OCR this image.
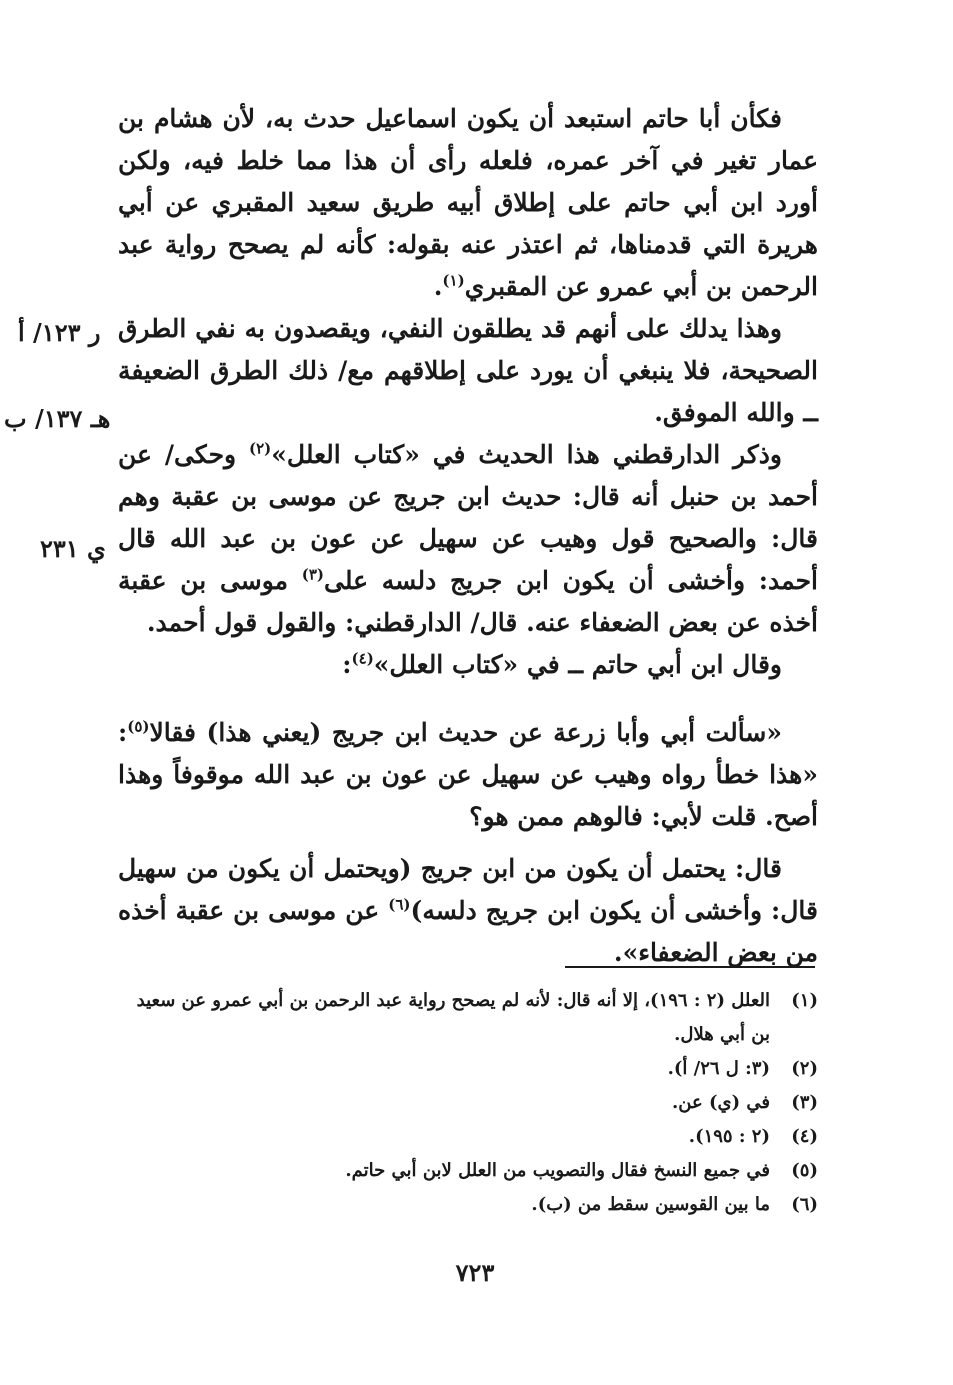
فكأن أبا حاتم استبعد أن يكون اسماعيل حدث به، لأن هشام بن عمار تغير في آخر عمره، فلعله رأى أن هذا مما خلط فيه، ولكن أورد ابن أبي حاتم على إطلاق أبيه طريق سعيد المقبري عن أبي هريرة التي قدمناها، ثم اعتذر عنه بقوله: كأنه لم يصحح رواية عبد الرحمن بن أبي عمرو عن المقبري$^{(١)}$.

وهذا يدلك على أنهم قد يطلقون النفي، ويقصدون به نفي الطرق الصحيحة، فلا ينبغي أن يورد على إطلاقهم مع/ ذلك الطرق الضعيفة ــ والله الموفق.

وذكر الدارقطني هذا الحديث في «كتاب العلل»$^{(٢)}$ وحكى/ عن أحمد بن حنبل أنه قال: حديث ابن جريج عن موسى بن عقبة وهم قال: والصحيح قول وهيب عن سهيل عن عون بن عبد الله قال أحمد: وأخشى أن يكون ابن جريج دلسه على$^{(٣)}$ موسى بن عقبة أخذه عن بعض الضعفاء عنه. قال/ الدارقطني: والقول قول أحمد.

وقال ابن أبي حاتم ــ في «كتاب العلل»$^{(٤)}$:

«سألت أبي وأبا زرعة عن حديث ابن جريج (يعني هذا) فقالا$^{(٥)}$: «هذا خطأ رواه وهيب عن سهيل عن عون بن عبد الله موقوفاً وهذا أصح. قلت لأبي: فالوهم ممن هو؟

قال: يحتمل أن يكون من ابن جريج (ويحتمل أن يكون من سهيل قال: وأخشى أن يكون ابن جريج دلسه)$^{(٦)}$ عن موسى بن عقبة أخذه من بعض الضعفاء».

ر ١٢٣/ أ
هـ ١٣٧/ ب
ي ٢٣١
(١)
العلل (٢ : ١٩٦)، إلا أنه قال: لأنه لم يصحح رواية عبد الرحمن بن أبي عمرو عن سعيد بن أبي هلال.
(٢)
(٣: ل ٢٦/ أ).
(٣)
في (ي) عن.
(٤)
(٢ : ١٩٥).
(٥)
في جميع النسخ فقال والتصويب من العلل لابن أبي حاتم.
(٦)
ما بين القوسين سقط من (ب).
٧٢٣
